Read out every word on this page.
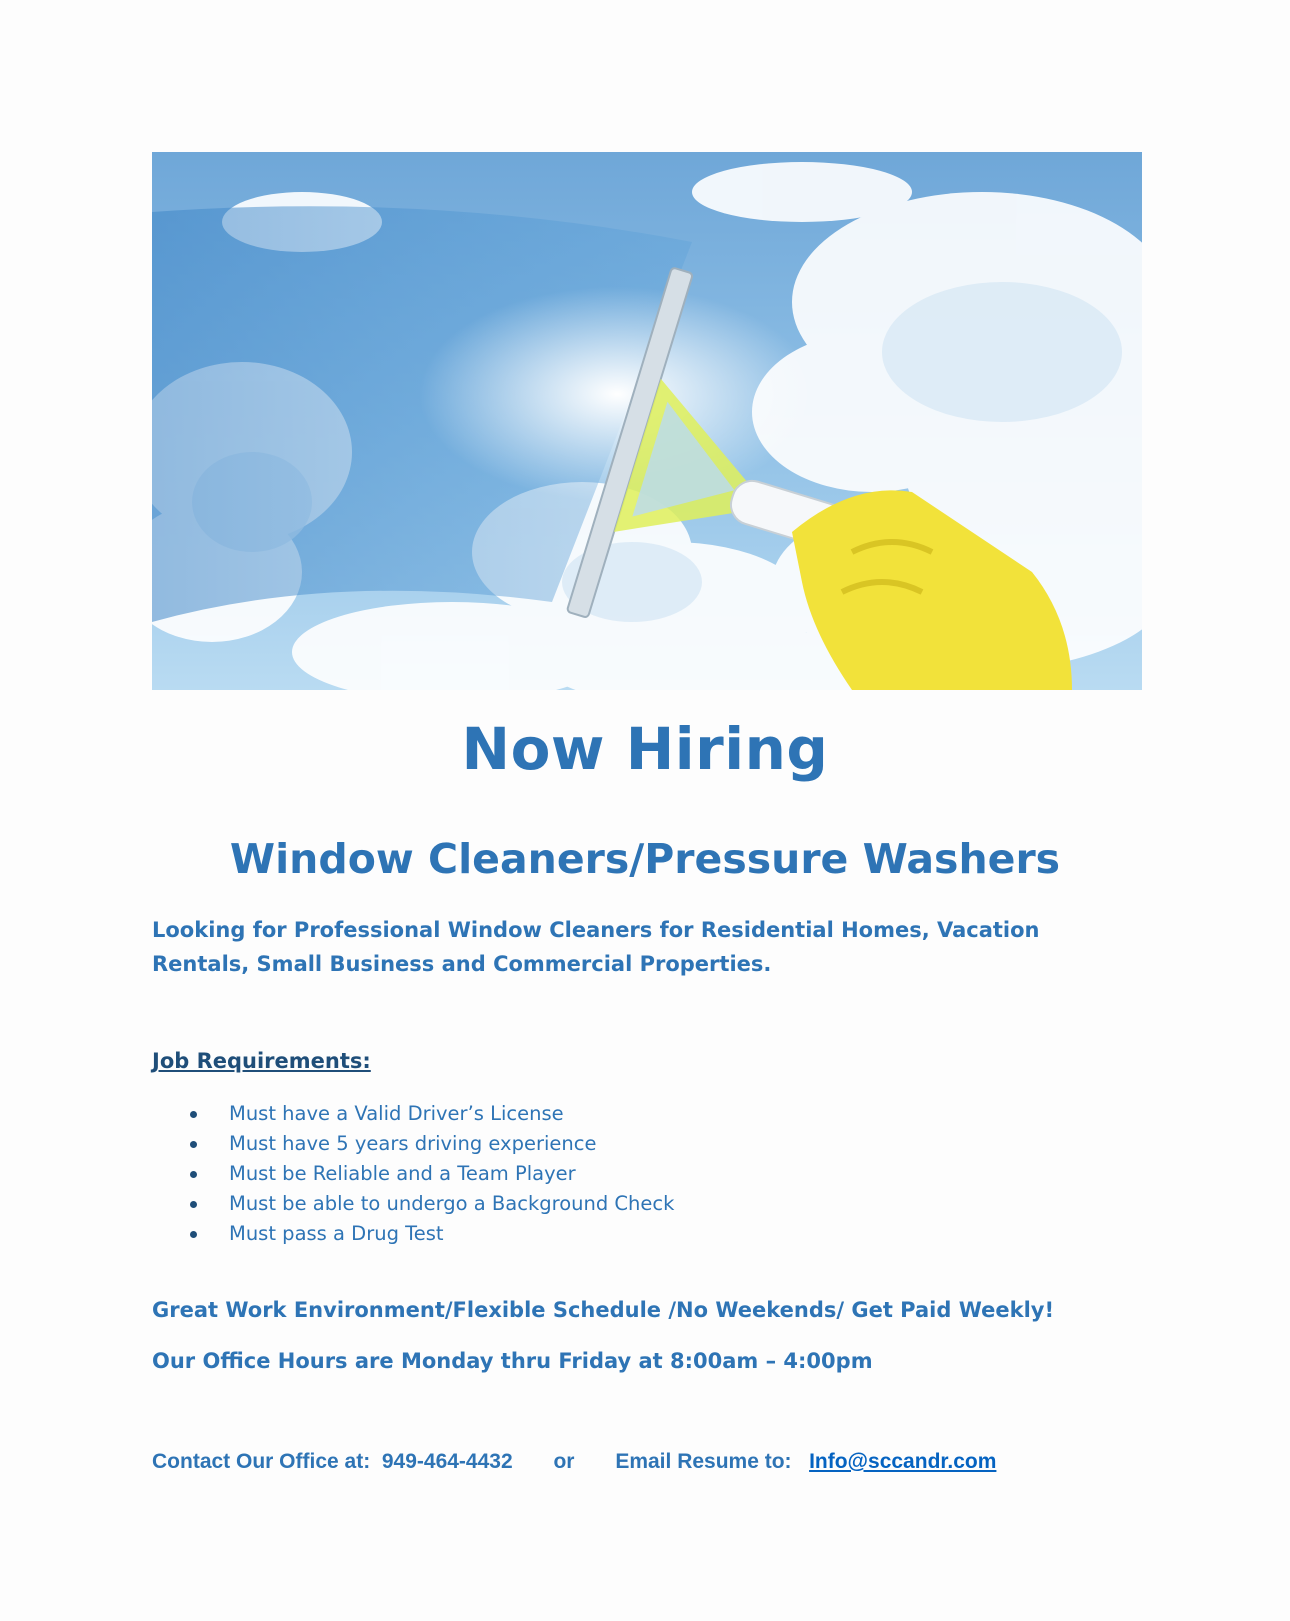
Now Hiring
Window Cleaners/Pressure Washers
Looking for Professional Window Cleaners for Residential Homes, Vacation Rentals, Small Business and Commercial Properties.
Job Requirements:
Must have a Valid Driver’s License
Must have 5 years driving experience
Must be Reliable and a Team Player
Must be able to undergo a Background Check
Must pass a Drug Test
Great Work Environment/Flexible Schedule /No Weekends/ Get Paid Weekly!
Our Office Hours are Monday thru Friday at 8:00am – 4:00pm
Contact Our Office at: 949-464-4432 or Email Resume to: Info@sccandr.com
